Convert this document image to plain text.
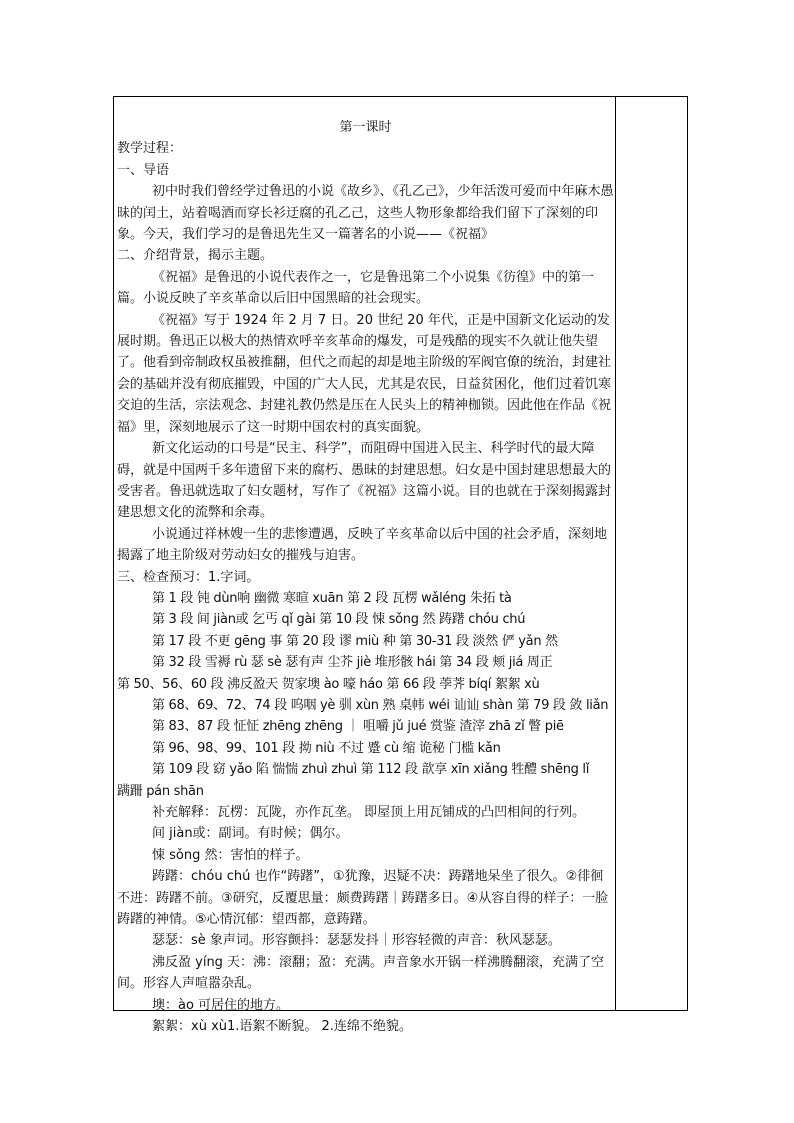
第一课时

教学过程：

一、导语

初中时我们曾经学过鲁迅的小说《故乡》、《孔乙己》，少年活泼可爱而中年麻木愚昧的闰土，站着喝酒而穿长衫迂腐的孔乙己，这些人物形象都给我们留下了深刻的印象。今天，我们学习的是鲁迅先生又一篇著名的小说——《祝福》

二、介绍背景，揭示主题。

《祝福》是鲁迅的小说代表作之一，它是鲁迅第二个小说集《彷徨》中的第一篇。小说反映了辛亥革命以后旧中国黑暗的社会现实。

《祝福》写于 1924 年 2 月 7 日。20 世纪 20 年代，正是中国新文化运动的发展时期。鲁迅正以极大的热情欢呼辛亥革命的爆发，可是残酷的现实不久就让他失望了。他看到帝制政权虽被推翻，但代之而起的却是地主阶级的军阀官僚的统治，封建社会的基础并没有彻底摧毁，中国的广大人民，尤其是农民，日益贫困化，他们过着饥寒交迫的生活，宗法观念、封建礼教仍然是压在人民头上的精神枷锁。因此他在作品《祝福》里，深刻地展示了这一时期中国农村的真实面貌。

新文化运动的口号是“民主、科学”，而阻碍中国进入民主、科学时代的最大障碍，就是中国两千多年遗留下来的腐朽、愚昧的封建思想。妇女是中国封建思想最大的受害者。鲁迅就选取了妇女题材，写作了《祝福》这篇小说。目的也就在于深刻揭露封建思想文化的流弊和余毒。

小说通过祥林嫂一生的悲惨遭遇，反映了辛亥革命以后中国的社会矛盾，深刻地揭露了地主阶级对劳动妇女的摧残与迫害。

三、检查预习：1.字词。

第 1 段 钝 dùn响 幽微 寒暄 xuān 第 2 段 瓦楞 wǎléng 朱拓 tà

第 3 段 间 jiàn或 乞丐 qǐ gài 第 10 段 悚 sǒng 然 踌躇 chóu chú

第 17 段 不更 gēng 事 第 20 段 谬 miù 种 第 30-31 段 淡然 俨 yǎn 然

第 32 段 雪褥 rù 瑟 sè 瑟有声 尘芥 jiè 堆形骸 hái 第 34 段 颊 jiá 周正

第 50、56、60 段 沸反盈天 贺家墺 ào 嚎 háo 第 66 段 荸荠 bíqí 絮絮 xù

第 68、69、72、74 段 呜咽 yè 驯 xùn 熟 桌帏 wéi 讪讪 shàn 第 79 段 敛 liǎn

第 83、87 段 怔怔 zhēng zhēng ｜ 咀嚼 jǔ jué 赏鉴 渣滓 zhā zǐ 瞥 piē

第 96、98、99、101 段 拗 niù 不过 蹙 cù 缩 诡秘 门槛 kǎn

第 109 段 窈 yǎo 陷 惴惴 zhuì zhuì 第 112 段 歆享 xīn xiǎng 牲醴 shēng lǐ

蹒跚 pán shān

补充解释：瓦楞：瓦陇，亦作瓦垄。 即屋顶上用瓦铺成的凸凹相间的行列。

间 jiàn或：副词。有时候；偶尔。

悚 sǒng 然：害怕的样子。

踌躇：chóu chú 也作“踌躇”，①犹豫，迟疑不决：踌躇地呆坐了很久。②徘徊不进：踌躇不前。③研究，反覆思量：颇费踌躇｜踌躇多日。④从容自得的样子：一脸踌躇的神情。⑤心情沉郁：望西都，意踌躇。

瑟瑟：sè 象声词。形容颤抖：瑟瑟发抖｜形容轻微的声音：秋风瑟瑟。

沸反盈 yíng 天：沸：滚翻；盈：充满。声音象水开锅一样沸腾翻滚，充满了空间。形容人声喧嚣杂乱。

墺：ào 可居住的地方。

絮絮：xù xù1.语絮不断貌。 2.连绵不绝貌。
